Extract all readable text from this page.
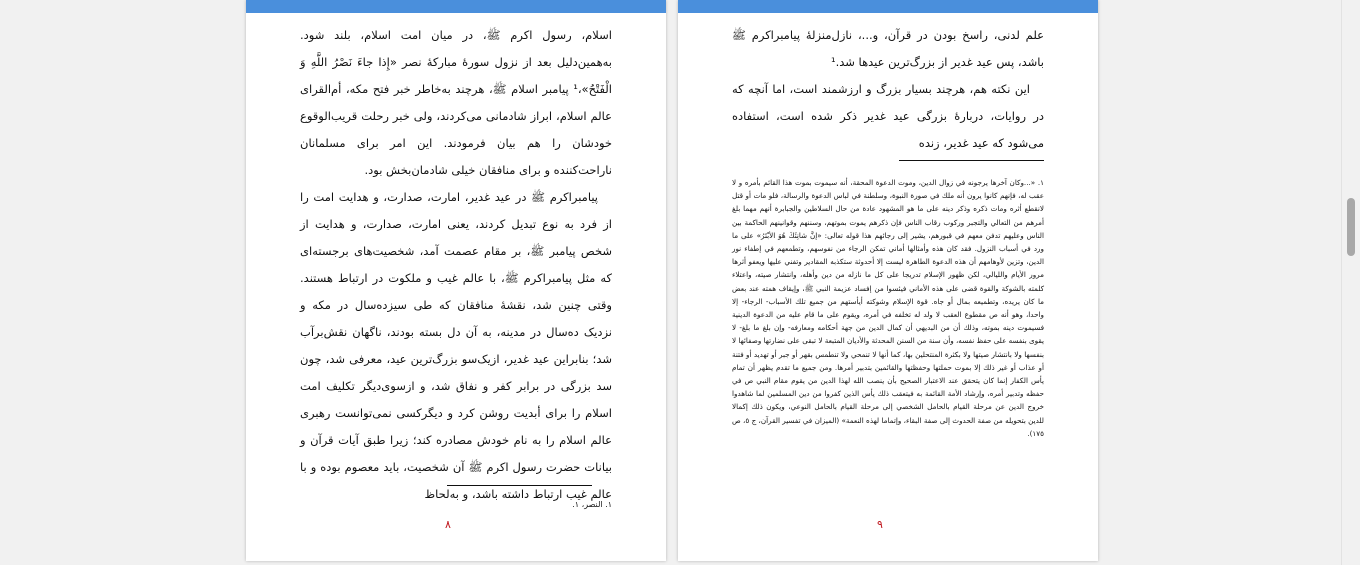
علم لدنی، راسخ بودن در قرآن، و...، نازل‌منزلۀ پیامبراکرم ﷺ باشد، پس عید غدیر از بزرگ‌ترین عیدها شد.¹

این نکته هم، هرچند بسیار بزرگ و ارزشمند است، اما آنچه که در روایات، دربارۀ بزرگی عید غدیر ذکر شده است، استفاده می‌شود که عید غدیر، زنده

۱. «...وکان آخرها يرجونه في زوال الدين، وموت الدعوة المحقة، أنه سيموت بموت هذا القائم بأمره و لا عقب له، فإنهم كانوا يرون أنه ملك في صورة النبوة، وسلطنة في لباس الدعوة والرسالة، فلو مات أو قتل لانقطع أثره ومات ذكره وذكر دينه على ما هو المشهود عادة من حال السلاطين والجبابرة أنهم مهما بلغ أمرهم من التعالي والتجبر وركوب رقاب الناس فإن ذكرهم يموت بموتهم، وسننهم وقوانينهم الحاكمة بين الناس وعليهم تدفن معهم في قبورهم، يشير إلى رجائهم هذا قوله تعالى: «إنَّ شانِئَكَ هُوَ الأبْتَرُ» على ما ورد في أسباب النزول. فقد كان هذه وأمثالها أماني تمكن الرجاء من نفوسهم، وتطمعهم في إطفاء نور الدين، وتزين لأوهامهم أن هذه الدعوة الطاهرة ليست إلا أحدوثة ستكذبه المقادير وتفني عليها ويعفو أثرها مرور الأيام والليالي، لكن ظهور الإسلام تدريجا على كل ما نازله من دين وأهله، وانتشار صيته، واعتلاء كلمته بالشوكة والقوة قضى على هذه الأماني فيئسوا من إفساد عزيمة النبي ﷺ، وإيقاف همته عند بعض ما كان يريده، وتطميعه بمال أو جاه. قوة الإسلام وشوكته أيأستهم من جميع تلك الأسباب- الرجاء- إلا واحدا، وهو أنه ص مقطوع العقب لا ولد له تخلفه في أمره، ويقوم على ما قام عليه من الدعوة الدينية فسيموت دينه بموته، وذلك أن من البديهي أن كمال الدين من جهة أحكامه ومعارفه- وإن بلغ ما بلغ- لا يقوى بنفسه على حفظ نفسه، وأن سنة من السنن المحدثة والأديان المتبعة لا تبقى على نضارتها وصفائها لا بنفسها ولا بانتشار صيتها ولا بكثرة المنتحلين بها، كما أنها لا تنمحي ولا تنطمس بقهر أو جبر أو تهديد أو فتنة أو عذاب أو غير ذلك إلا بموت حملتها وحفظتها والقائمين بتدبير أمرها. ومن جميع ما تقدم يظهر أن تمام يأس الكفار إنما كان يتحقق عند الاعتبار الصحيح بأن ينصب الله لهذا الدين من يقوم مقام النبي ص في حفظه وتدبير أمره، وإرشاد الأمة القائمة به فيتعقب ذلك يأس الذين كفروا من دين المسلمين لما شاهدوا خروج الدين عن مرحلة القيام بالحامل الشخصي إلى مرحلة القيام بالحامل النوعي، ويكون ذلك إكمالا للدين بتحويله من صفة الحدوث إلى صفة البقاء، وإتماما لهذه النعمة» (الميزان في تفسير القرآن، ج ٥، ص ١٧٥).
۹

اسلام، رسول اکرم ﷺ، در میان امت اسلام، بلند شود. به‌همین‌دلیل بعد از نزول سورۀ مبارکۀ نصر «إِذا جاءَ نَصْرُ اللَّهِ وَ الْفَتْحُ»،¹ پیامبر اسلام ﷺ، هرچند به‌خاطر خبر فتح مکه، أم‌القرای عالم اسلام، ابراز شادمانی می‌کردند، ولی خبر رحلت قریب‌الوقوع خودشان را هم بیان فرمودند. این امر برای مسلمانان ناراحت‌کننده و برای منافقان خیلی شادمان‌بخش بود.

پیامبراکرم ﷺ در عید غدیر، امارت، صدارت، و هدایت امت را از فرد به نوع تبدیل کردند، یعنی امارت، صدارت، و هدایت از شخص پیامبر ﷺ، بر مقام عصمت آمد، شخصیت‌های برجسته‌ای که مثل پیامبراکرم ﷺ، با عالم غیب و ملکوت در ارتباط هستند. وقتی چنین شد، نقشۀ منافقان که طی سیزده‌سال در مکه و نزدیک ده‌سال در مدینه، به آن دل بسته بودند، ناگهان نقش‌برآب شد؛ بنابراین عید غدیر، ازیک‌سو بزرگ‌ترین عید، معرفی شد، چون سد بزرگی در برابر کفر و نفاق شد، و ازسوی‌دیگر تکلیف امت اسلام را برای أبدیت روشن کرد و دیگرکسی نمی‌توانست رهبری عالم اسلام را به نام خودش مصادره کند؛ زیرا طبق آیات قرآن و بیانات حضرت رسول اکرم ﷺ آن شخصیت، باید معصوم بوده و با عالم غیب ارتباط داشته باشد، و به‌لحاظ

۱. النصر، ۱.
۸
